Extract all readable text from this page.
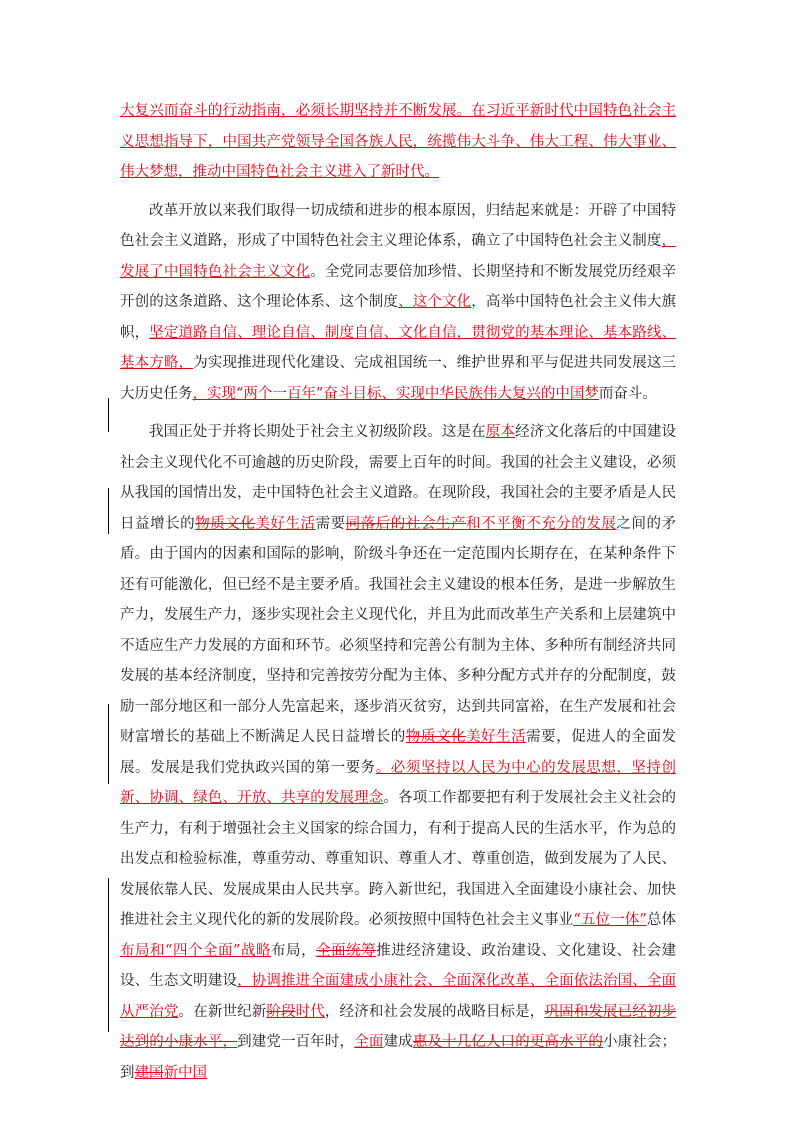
大复兴而奋斗的行动指南，必须长期坚持并不断发展。在习近平新时代中国特色社会主义思想指导下，中国共产党领导全国各族人民，统揽伟大斗争、伟大工程、伟大事业、伟大梦想，推动中国特色社会主义进入了新时代。

改革开放以来我们取得一切成绩和进步的根本原因，归结起来就是：开辟了中国特色社会主义道路，形成了中国特色社会主义理论体系，确立了中国特色社会主义制度，发展了中国特色社会主义文化。全党同志要倍加珍惜、长期坚持和不断发展党历经艰辛开创的这条道路、这个理论体系、这个制度、这个文化，高举中国特色社会主义伟大旗帜，坚定道路自信、理论自信、制度自信、文化自信，贯彻党的基本理论、基本路线、基本方略，为实现推进现代化建设、完成祖国统一、维护世界和平与促进共同发展这三大历史任务，实现“两个一百年”奋斗目标、实现中华民族伟大复兴的中国梦而奋斗。

我国正处于并将长期处于社会主义初级阶段。这是在原本经济文化落后的中国建设社会主义现代化不可逾越的历史阶段，需要上百年的时间。我国的社会主义建设，必须从我国的国情出发，走中国特色社会主义道路。在现阶段，我国社会的主要矛盾是人民日益增长的物质文化美好生活需要同落后的社会生产和不平衡不充分的发展之间的矛盾。由于国内的因素和国际的影响，阶级斗争还在一定范围内长期存在，在某种条件下还有可能激化，但已经不是主要矛盾。我国社会主义建设的根本任务，是进一步解放生产力，发展生产力，逐步实现社会主义现代化，并且为此而改革生产关系和上层建筑中不适应生产力发展的方面和环节。必须坚持和完善公有制为主体、多种所有制经济共同发展的基本经济制度，坚持和完善按劳分配为主体、多种分配方式并存的分配制度，鼓励一部分地区和一部分人先富起来，逐步消灭贫穷，达到共同富裕，在生产发展和社会财富增长的基础上不断满足人民日益增长的物质文化美好生活需要，促进人的全面发展。发展是我们党执政兴国的第一要务。必须坚持以人民为中心的发展思想，坚持创新、协调、绿色、开放、共享的发展理念。各项工作都要把有利于发展社会主义社会的生产力，有利于增强社会主义国家的综合国力，有利于提高人民的生活水平，作为总的出发点和检验标准，尊重劳动、尊重知识、尊重人才、尊重创造，做到发展为了人民、发展依靠人民、发展成果由人民共享。跨入新世纪，我国进入全面建设小康社会、加快推进社会主义现代化的新的发展阶段。必须按照中国特色社会主义事业“五位一体”总体布局和“四个全面”战略布局，全面统筹推进经济建设、政治建设、文化建设、社会建设、生态文明建设，协调推进全面建成小康社会、全面深化改革、全面依法治国、全面从严治党。在新世纪新阶段时代，经济和社会发展的战略目标是，巩固和发展已经初步达到的小康水平，到建党一百年时，全面建成惠及十几亿人口的更高水平的小康社会；到建国新中国
